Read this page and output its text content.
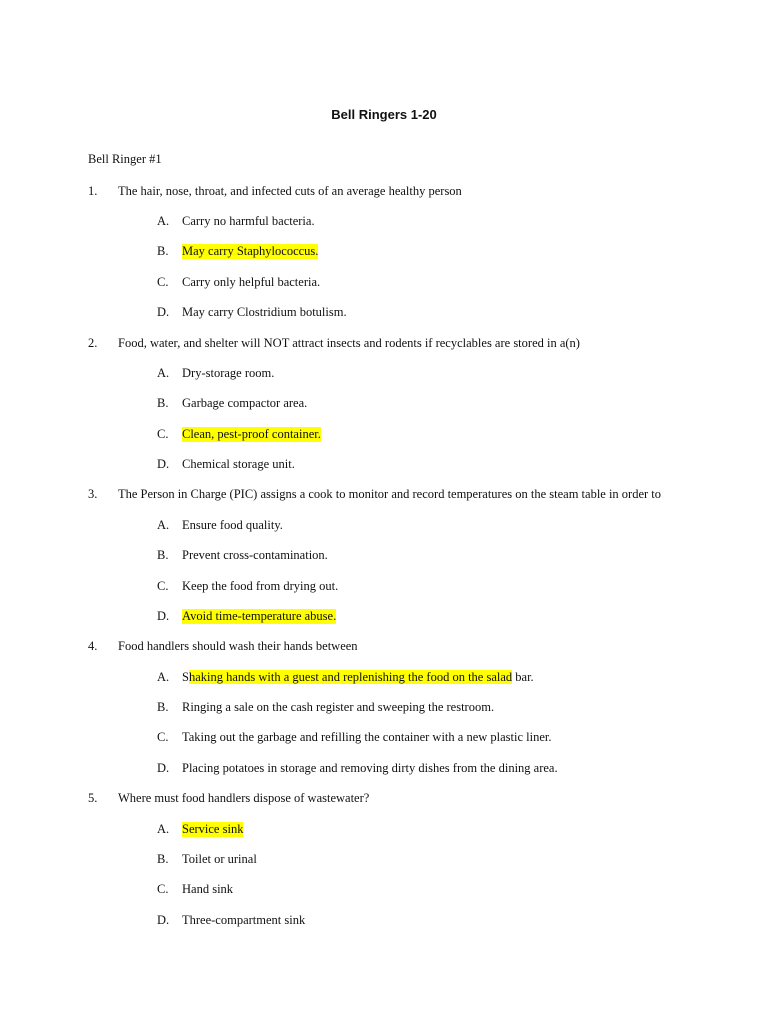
Bell Ringers 1-20
Bell Ringer #1
1. The hair, nose, throat, and infected cuts of an average healthy person
A. Carry no harmful bacteria.
B. May carry Staphylococcus.
C. Carry only helpful bacteria.
D. May carry Clostridium botulism.
2. Food, water, and shelter will NOT attract insects and rodents if recyclables are stored in a(n)
A. Dry-storage room.
B. Garbage compactor area.
C. Clean, pest-proof container.
D. Chemical storage unit.
3. The Person in Charge (PIC) assigns a cook to monitor and record temperatures on the steam table in order to
A. Ensure food quality.
B. Prevent cross-contamination.
C. Keep the food from drying out.
D. Avoid time-temperature abuse.
4. Food handlers should wash their hands between
A. Shaking hands with a guest and replenishing the food on the salad bar.
B. Ringing a sale on the cash register and sweeping the restroom.
C. Taking out the garbage and refilling the container with a new plastic liner.
D. Placing potatoes in storage and removing dirty dishes from the dining area.
5. Where must food handlers dispose of wastewater?
A. Service sink
B. Toilet or urinal
C. Hand sink
D. Three-compartment sink
